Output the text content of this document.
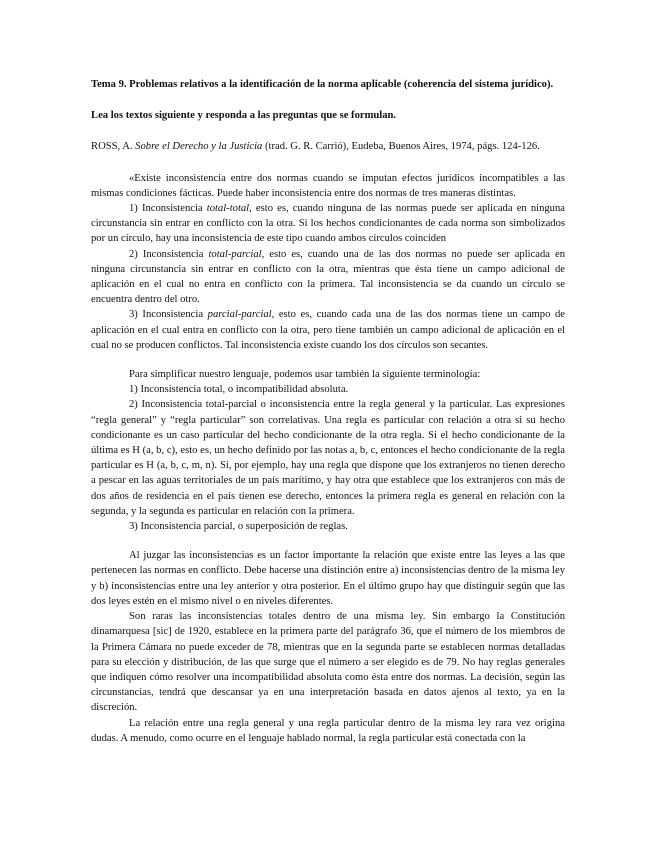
Tema 9. Problemas relativos a la identificación de la norma aplicable (coherencia del sistema jurídico).

Lea los textos siguiente y responda a las preguntas que se formulan.

ROSS, A. Sobre el Derecho y la Justicia (trad. G. R. Carrió), Eudeba, Buenos Aires, 1974, págs. 124-126.

«Existe inconsistencia entre dos normas cuando se imputan efectos jurídicos incompatibles a las mismas condiciones fácticas. Puede haber inconsistencia entre dos normas de tres maneras distintas.

1) Inconsistencia total-total, esto es, cuando ninguna de las normas puede ser aplicada en ninguna circunstancia sin entrar en conflicto con la otra. Si los hechos condicionantes de cada norma son simbolizados por un círculo, hay una inconsistencia de este tipo cuando ambos círculos coinciden

2) Inconsistencia total-parcial, esto es, cuando una de las dos normas no puede ser aplicada en ninguna circunstancia sin entrar en conflicto con la otra, mientras que ésta tiene un campo adicional de aplicación en el cual no entra en conflicto con la primera. Tal inconsistencia se da cuando un círculo se encuentra dentro del otro.

3) Inconsistencia parcial-parcial, esto es, cuando cada una de las dos normas tiene un campo de aplicación en el cual entra en conflicto con la otra, pero tiene también un campo adicional de aplicación en el cual no se producen conflictos. Tal inconsistencia existe cuando los dos círculos son secantes.

Para simplificar nuestro lenguaje, podemos usar también la siguiente terminología:

1) Inconsistencia total, o incompatibilidad absoluta.

2) Inconsistencia total-parcial o inconsistencia entre la regla general y la particular. Las expresiones “regla general” y “regla particular” son correlativas. Una regla es particular con relación a otra si su hecho condicionante es un caso particular del hecho condicionante de la otra regla. Si el hecho condicionante de la última es H (a, b, c), esto es, un hecho definido por las notas a, b, c, entonces el hecho condicionante de la regla particular es H (a, b, c, m, n). Si, por ejemplo, hay una regla que dispone que los extranjeros no tienen derecho a pescar en las aguas territoriales de un país marítimo, y hay otra que establece que los extranjeros con más de dos años de residencia en el país tienen ese derecho, entonces la primera regla es general en relación con la segunda, y la segunda es particular en relación con la primera.

3) Inconsistencia parcial, o superposición de reglas.

Al juzgar las inconsistencias es un factor importante la relación que existe entre las leyes a las que pertenecen las normas en conflicto. Debe hacerse una distinción entre a) inconsistencias dentro de la misma ley y b) inconsistencias entre una ley anterior y otra posterior. En el último grupo hay que distinguir según que las dos leyes estén en el mismo nivel o en niveles diferentes.

Son raras las inconsistencias totales dentro de una misma ley. Sin embargo la Constitución dinamarquesa [sic] de 1920, establece en la primera parte del parágrafo 36, que el número de los miembros de la Primera Cámara no puede exceder de 78, mientras que en la segunda parte se establecen normas detalladas para su elección y distribución, de las que surge que el número a ser elegido es de 79. No hay reglas generales que indiquen cómo resolver una incompatibilidad absoluta como ésta entre dos normas. La decisión, según las circunstancias, tendrá que descansar ya en una interpretación basada en datos ajenos al texto, ya en la discreción.

La relación entre una regla general y una regla particular dentro de la misma ley rara vez origina dudas. A menudo, como ocurre en el lenguaje hablado normal, la regla particular está conectada con la
